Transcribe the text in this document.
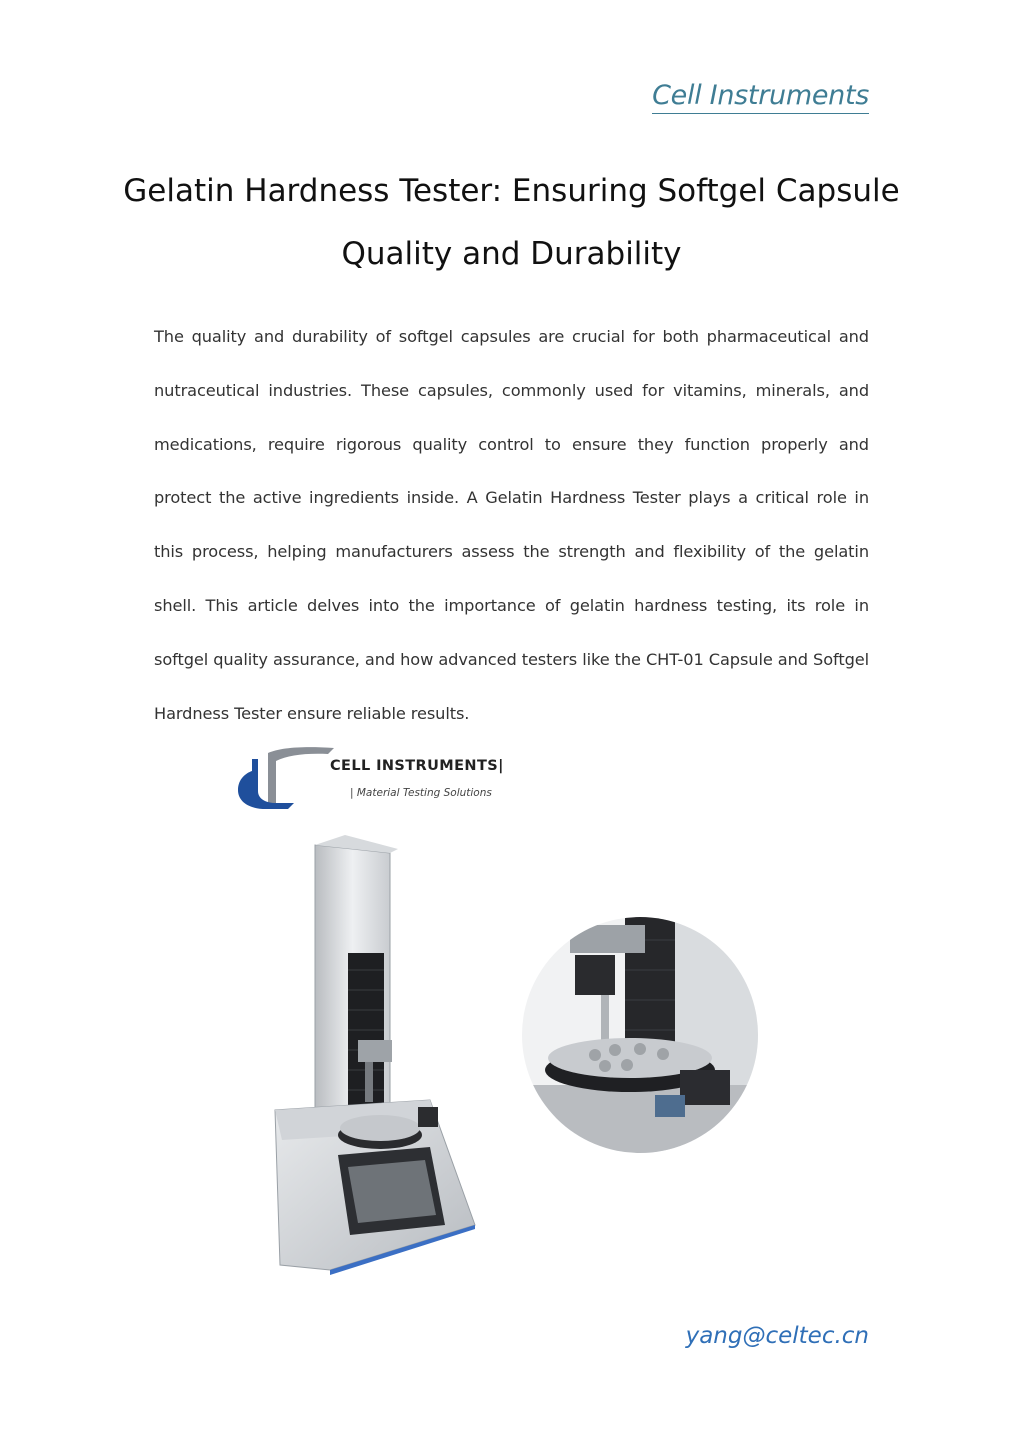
Cell Instruments
Gelatin Hardness Tester: Ensuring Softgel Capsule Quality and Durability

The quality and durability of softgel capsules are crucial for both pharmaceutical and nutraceutical industries. These capsules, commonly used for vitamins, minerals, and medications, require rigorous quality control to ensure they function properly and protect the active ingredients inside. A Gelatin Hardness Tester plays a critical role in this process, helping manufacturers assess the strength and flexibility of the gelatin shell. This article delves into the importance of gelatin hardness testing, its role in softgel quality assurance, and how advanced testers like the CHT-01 Capsule and Softgel Hardness Tester ensure reliable results.

CELL INSTRUMENTS|
| Material Testing Solutions
yang@celtec.cn
